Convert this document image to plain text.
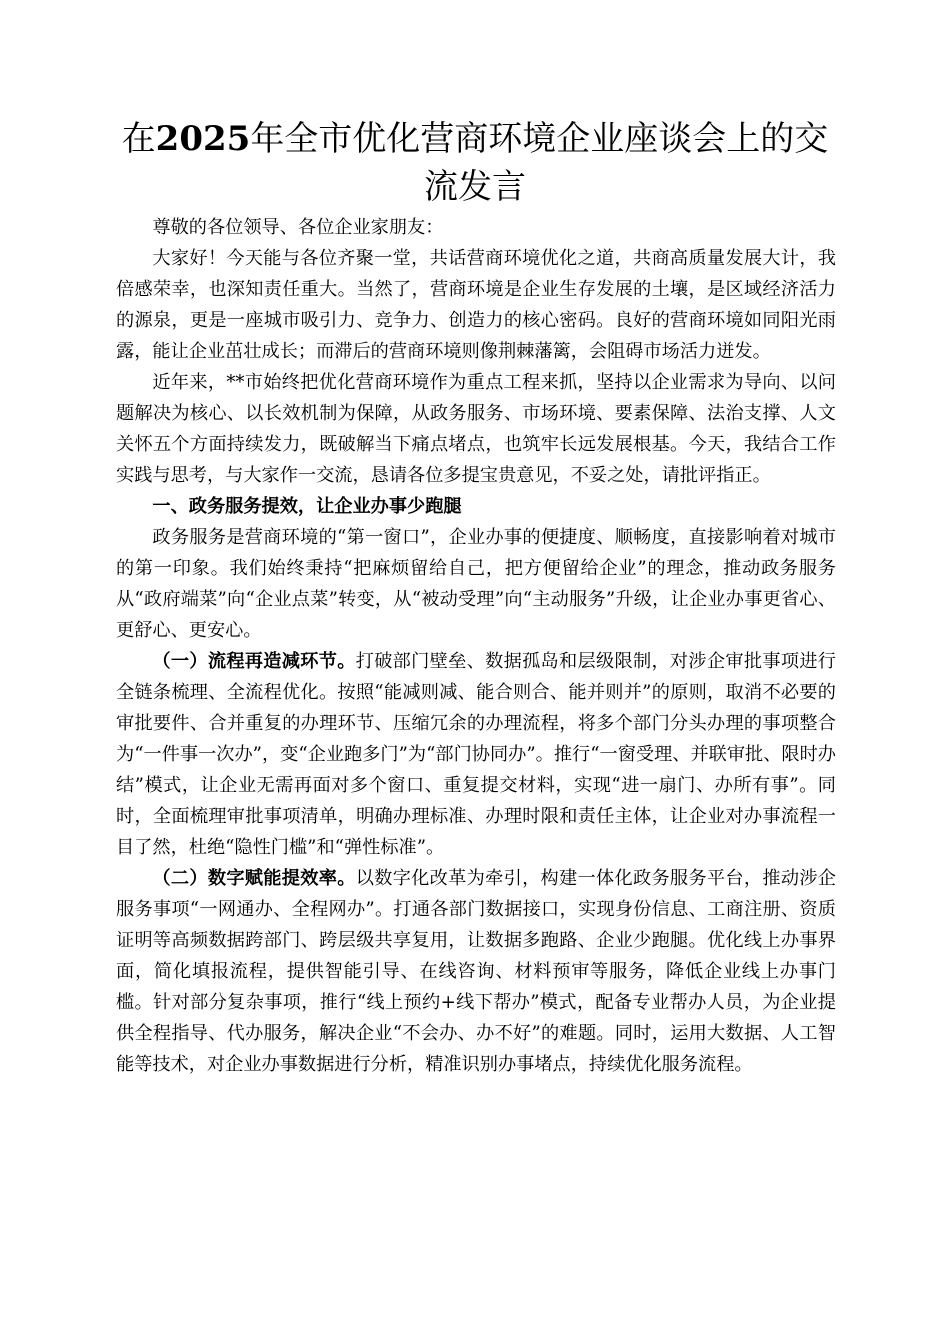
在2025年全市优化营商环境企业座谈会上的交流发言

尊敬的各位领导、各位企业家朋友：

大家好！今天能与各位齐聚一堂，共话营商环境优化之道，共商高质量发展大计，我倍感荣幸，也深知责任重大。当然了，营商环境是企业生存发展的土壤，是区域经济活力的源泉，更是一座城市吸引力、竞争力、创造力的核心密码。良好的营商环境如同阳光雨露，能让企业茁壮成长；而滞后的营商环境则像荆棘藩篱，会阻碍市场活力迸发。

近年来，**市始终把优化营商环境作为重点工程来抓，坚持以企业需求为导向、以问题解决为核心、以长效机制为保障，从政务服务、市场环境、要素保障、法治支撑、人文关怀五个方面持续发力，既破解当下痛点堵点，也筑牢长远发展根基。今天，我结合工作实践与思考，与大家作一交流，恳请各位多提宝贵意见，不妥之处，请批评指正。

一、政务服务提效，让企业办事少跑腿

政务服务是营商环境的“第一窗口”，企业办事的便捷度、顺畅度，直接影响着对城市的第一印象。我们始终秉持“把麻烦留给自己，把方便留给企业”的理念，推动政务服务从“政府端菜”向“企业点菜”转变，从“被动受理”向“主动服务”升级，让企业办事更省心、更舒心、更安心。

（一）流程再造减环节。打破部门壁垒、数据孤岛和层级限制，对涉企审批事项进行全链条梳理、全流程优化。按照“能减则减、能合则合、能并则并”的原则，取消不必要的审批要件、合并重复的办理环节、压缩冗余的办理流程，将多个部门分头办理的事项整合为“一件事一次办”，变“企业跑多门”为“部门协同办”。推行“一窗受理、并联审批、限时办结”模式，让企业无需再面对多个窗口、重复提交材料，实现“进一扇门、办所有事”。同时，全面梳理审批事项清单，明确办理标准、办理时限和责任主体，让企业对办事流程一目了然，杜绝“隐性门槛”和“弹性标准”。

（二）数字赋能提效率。以数字化改革为牵引，构建一体化政务服务平台，推动涉企服务事项“一网通办、全程网办”。打通各部门数据接口，实现身份信息、工商注册、资质证明等高频数据跨部门、跨层级共享复用，让数据多跑路、企业少跑腿。优化线上办事界面，简化填报流程，提供智能引导、在线咨询、材料预审等服务，降低企业线上办事门槛。针对部分复杂事项，推行“线上预约+线下帮办”模式，配备专业帮办人员，为企业提供全程指导、代办服务，解决企业“不会办、办不好”的难题。同时，运用大数据、人工智能等技术，对企业办事数据进行分析，精准识别办事堵点，持续优化服务流程。
